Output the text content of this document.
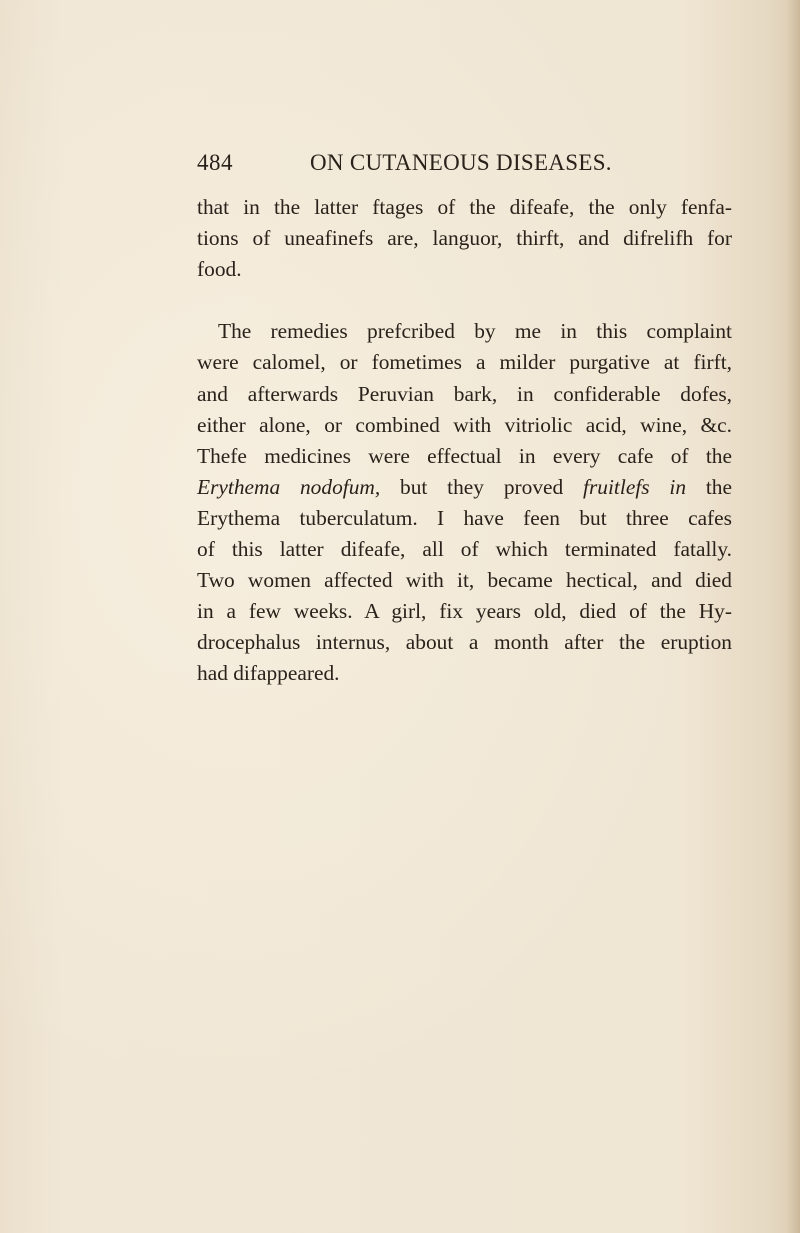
484	ON CUTANEOUS DISEASES.
that in the latter ftages of the difeafe, the only fenfa-
tions of uneafinefs are, languor, thirft, and difrelifh for
food.
The remedies prefcribed by me in this complaint
were calomel, or fometimes a milder purgative at firft,
and afterwards Peruvian bark, in confiderable dofes,
either alone, or combined with vitriolic acid, wine, &c.
Thefe medicines were effectual in every cafe of the
Erythema nodofum, but they proved fruitlefs in the
Erythema tuberculatum. I have feen but three cafes
of this latter difeafe, all of which terminated fatally.
Two women affected with it, became hectical, and died
in a few weeks. A girl, fix years old, died of the Hy-
drocephalus internus, about a month after the eruption
had difappeared.
